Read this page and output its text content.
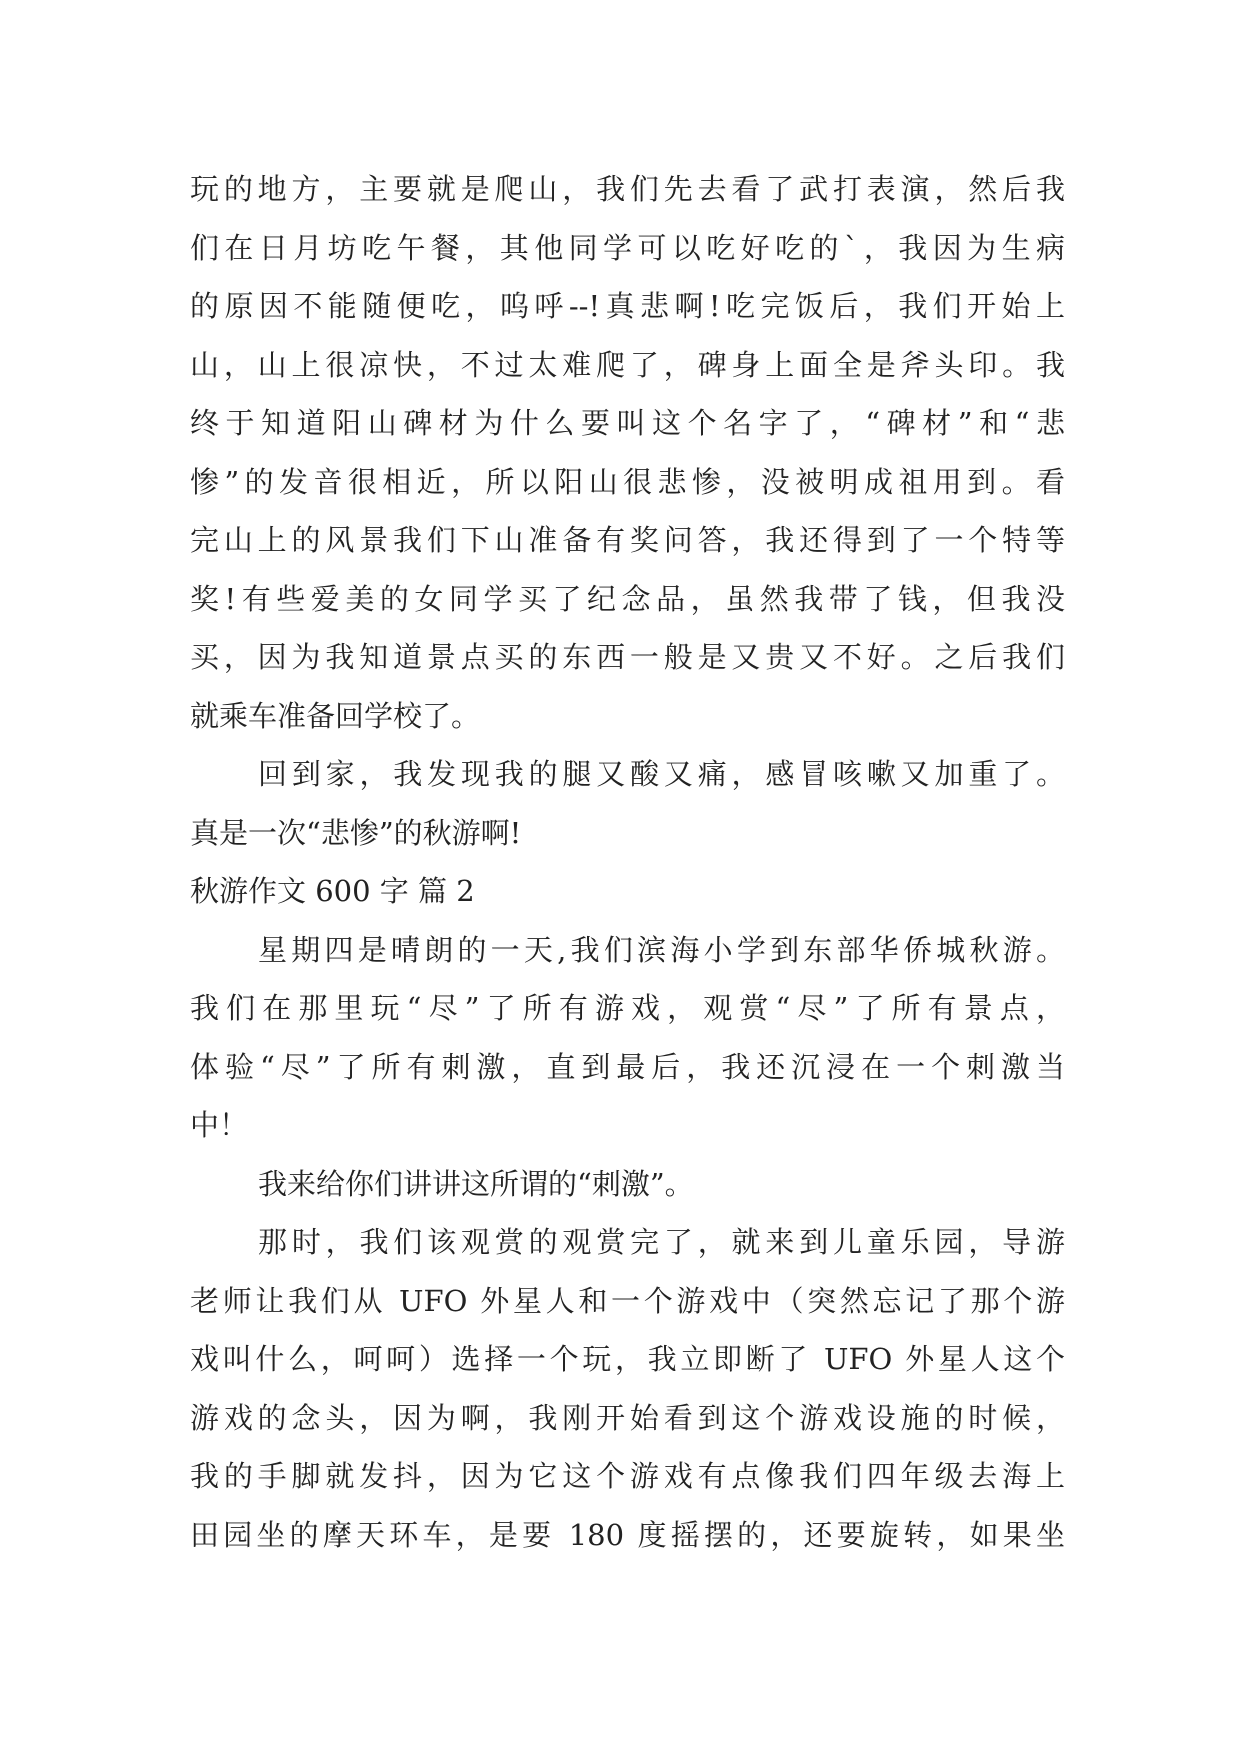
玩的地方，主要就是爬山，我们先去看了武打表演，然后我
们在日月坊吃午餐，其他同学可以吃好吃的`，我因为生病
的原因不能随便吃，呜呼--!真悲啊!吃完饭后，我们开始上
山，山上很凉快，不过太难爬了，碑身上面全是斧头印。我
终于知道阳山碑材为什么要叫这个名字了，“碑材”和“悲
惨”的发音很相近，所以阳山很悲惨，没被明成祖用到。看
完山上的风景我们下山准备有奖问答，我还得到了一个特等
奖!有些爱美的女同学买了纪念品，虽然我带了钱，但我没
买，因为我知道景点买的东西一般是又贵又不好。之后我们
就乘车准备回学校了。
回到家，我发现我的腿又酸又痛，感冒咳嗽又加重了。
真是一次“悲惨”的秋游啊!
秋游作文 600 字 篇 2
星期四是晴朗的一天,我们滨海小学到东部华侨城秋游。
我们在那里玩“尽”了所有游戏，观赏“尽”了所有景点，
体验“尽”了所有刺激，直到最后，我还沉浸在一个刺激当
中！
我来给你们讲讲这所谓的“刺激”。
那时，我们该观赏的观赏完了，就来到儿童乐园，导游
老师让我们从 UFO 外星人和一个游戏中（突然忘记了那个游
戏叫什么，呵呵）选择一个玩，我立即断了 UFO 外星人这个
游戏的念头，因为啊，我刚开始看到这个游戏设施的时候，
我的手脚就发抖，因为它这个游戏有点像我们四年级去海上
田园坐的摩天环车，是要 180 度摇摆的，还要旋转，如果坐
